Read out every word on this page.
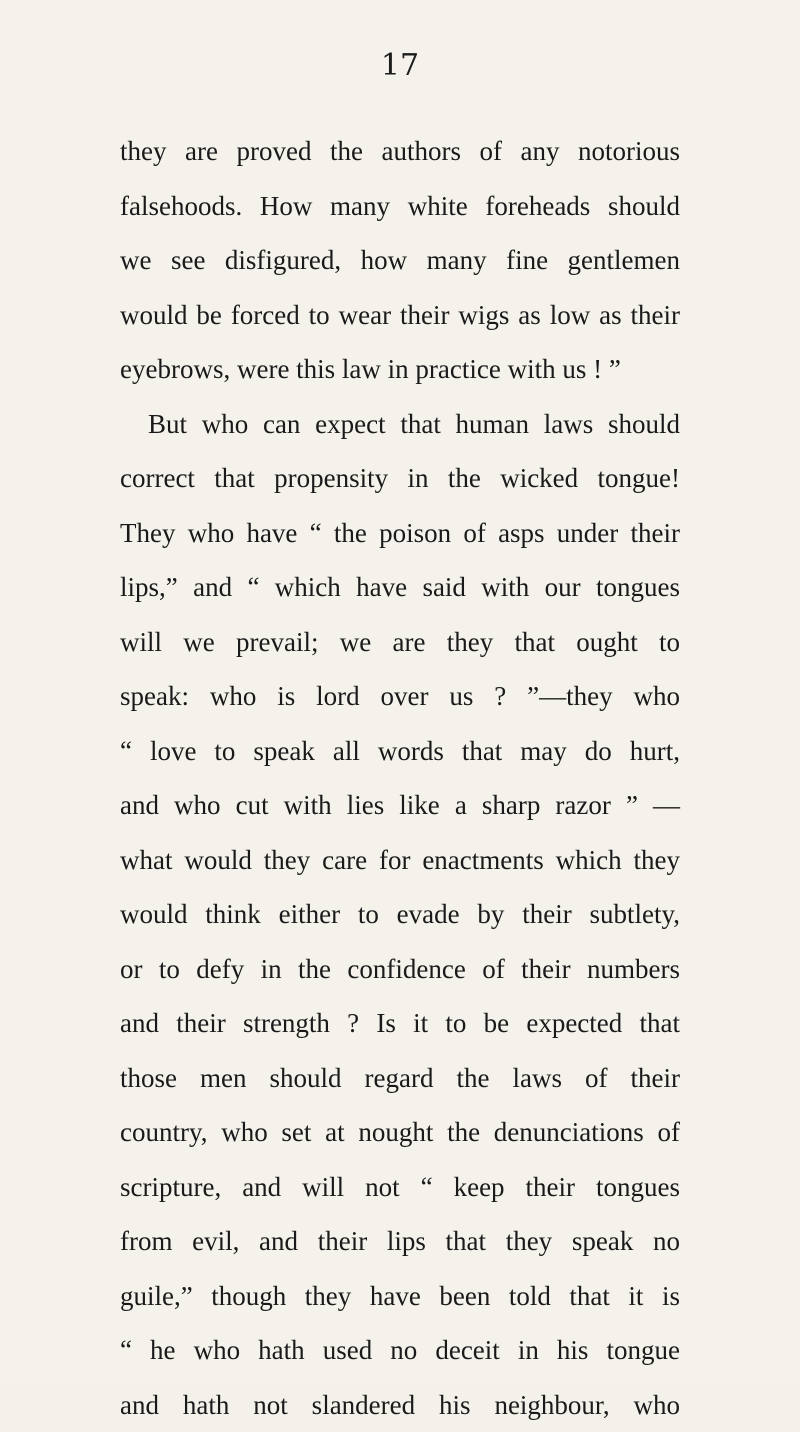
17

they are proved the authors of any notorious
falsehoods. How many white foreheads should
we see disfigured, how many fine gentlemen
would be forced to wear their wigs as low as their
eyebrows, were this law in practice with us ! ”
But who can expect that human laws should
correct that propensity in the wicked tongue!
They who have “ the poison of asps under their
lips,” and “ which have said with our tongues
will we prevail; we are they that ought to
speak: who is lord over us ? ”—they who
“ love to speak all words that may do hurt,
and who cut with lies like a sharp razor ” —
what would they care for enactments which they
would think either to evade by their subtlety,
or to defy in the confidence of their numbers
and their strength ? Is it to be expected that
those men should regard the laws of their
country, who set at nought the denunciations of
scripture, and will not “ keep their tongues
from evil, and their lips that they speak no
guile,” though they have been told that it is
“ he who hath used no deceit in his tongue
and hath not slandered his neighbour, who
